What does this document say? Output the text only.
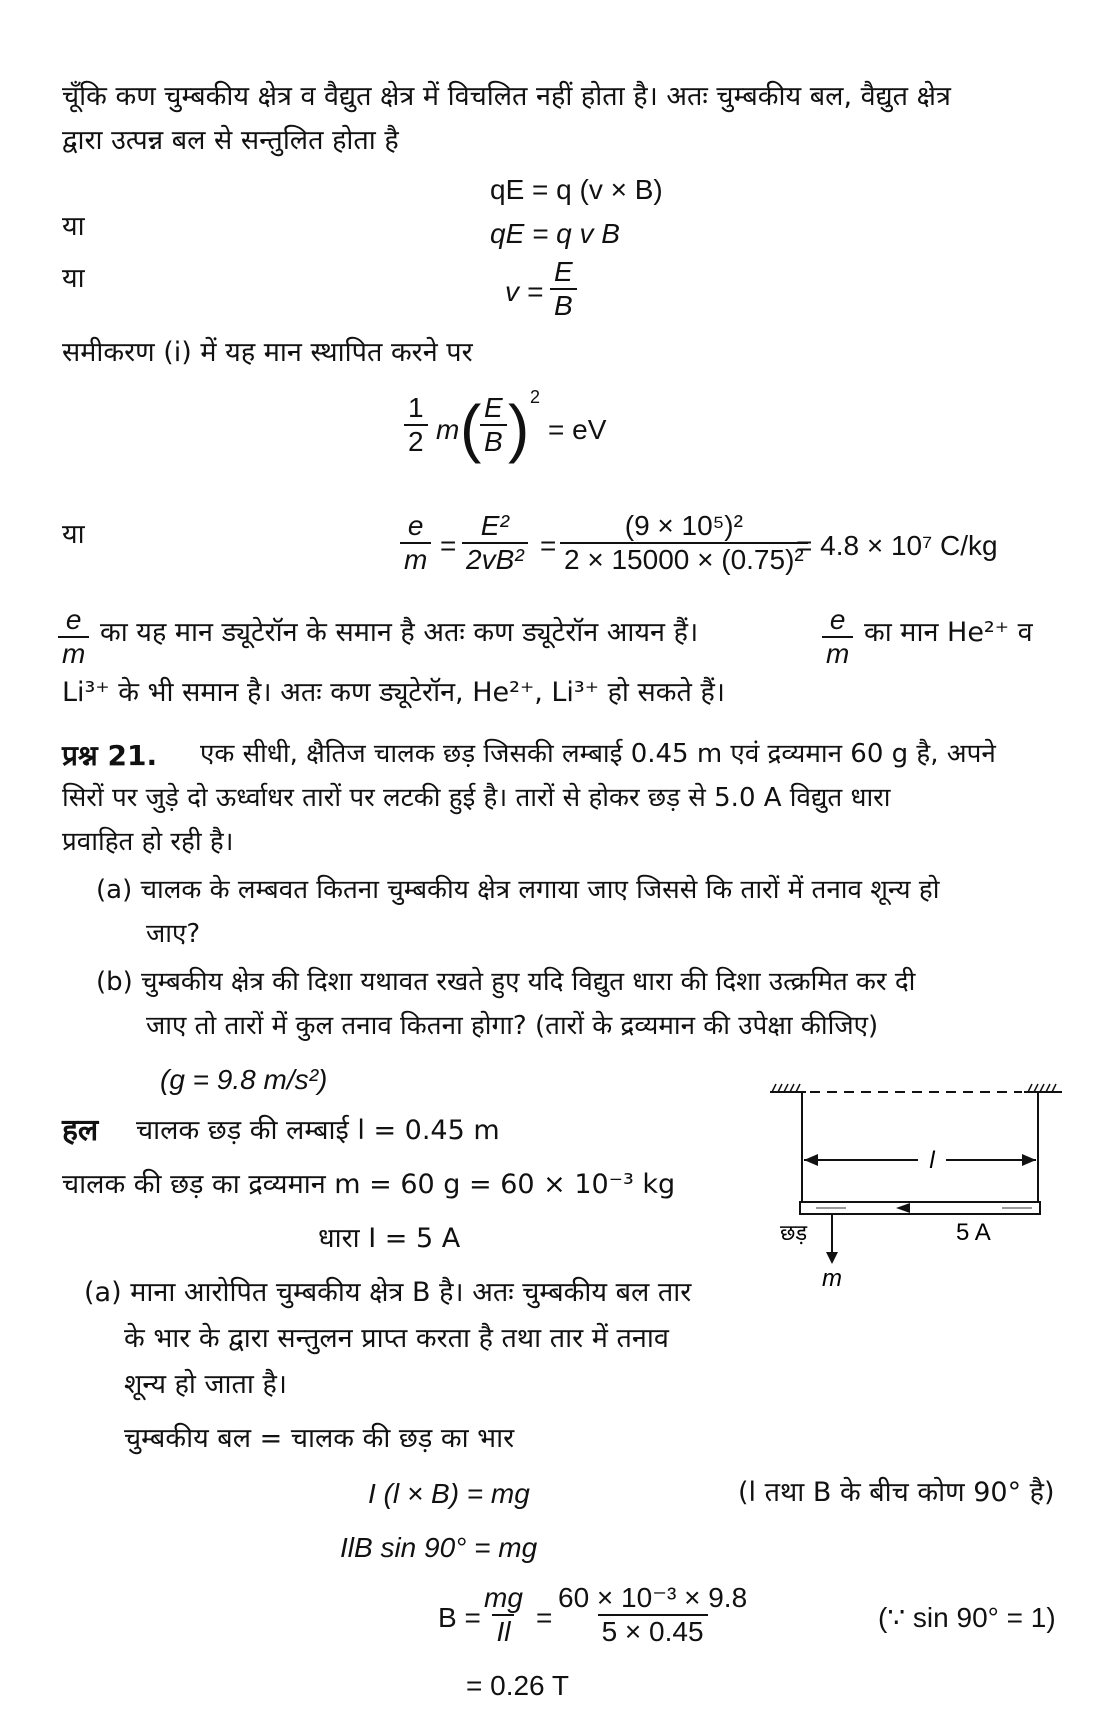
चूँकि कण चुम्बकीय क्षेत्र व वैद्युत क्षेत्र में विचलित नहीं होता है। अतः चुम्बकीय बल, वैद्युत क्षेत्र
द्वारा उत्पन्न बल से सन्तुलित होता है
qE = q (v × B)
या	qE = q v B
या	$v = \frac{E}{B}$
समीकरण (i) में यह मान स्थापित करने पर
$\frac{1}{2}$ m (
$\frac{E}{B}$ ) 2
= eV
या	$\frac{e}{m} = \frac{\text{E²}}{\text{2vB²}} = \frac{\text{(9 × 10⁵)²}}{\text{2 × 15000 × (0.75)²}}$
= 4.8 × 10⁷ C/kg
$\frac{e}{m}$ का यह मान ड्यूटेरॉन के समान है अतः कण ड्यूटेरॉन आयन हैं।	$\frac{e}{m}$ का मान He²⁺ व
Li³⁺ के भी समान है। अतः कण ड्यूटेरॉन, He²⁺, Li³⁺ हो सकते हैं।
प्रश्न 21. एक सीधी, क्षैतिज चालक छड़ जिसकी लम्बाई 0.45 m एवं द्रव्यमान 60 g है, अपने
सिरों पर जुड़े दो ऊर्ध्वाधर तारों पर लटकी हुई है। तारों से होकर छड़ से 5.0 A विद्युत धारा
प्रवाहित हो रही है।
(a) चालक के लम्बवत कितना चुम्बकीय क्षेत्र लगाया जाए जिससे कि तारों में तनाव शून्य हो
जाए?
(b) चुम्बकीय क्षेत्र की दिशा यथावत रखते हुए यदि विद्युत धारा की दिशा उत्क्रमित कर दी
जाए तो तारों में कुल तनाव कितना होगा? (तारों के द्रव्यमान की उपेक्षा कीजिए)
(g = 9.8 m/s²)
हल चालक छड़ की लम्बाई l = 0.45 m
चालक की छड़ का द्रव्यमान m = 60 g = 60 × 10⁻³ kg
धारा I = 5 A
(a) माना आरोपित चुम्बकीय क्षेत्र B है। अतः चुम्बकीय बल तार
के भार के द्वारा सन्तुलन प्राप्त करता है तथा तार में तनाव
शून्य हो जाता है।
चुम्बकीय बल = चालक की छड़ का भार
I (l × B) = mg	(l तथा B के बीच कोण 90° है)
IlB sin 90° = mg
$B = \frac{mg}{Il} = \frac{\text{60 × 10⁻³ × 9.8}}{5 \times 0.45}$	(∵ sin 90° = 1)
= 0.26 T
l
m
छड़	5 A
